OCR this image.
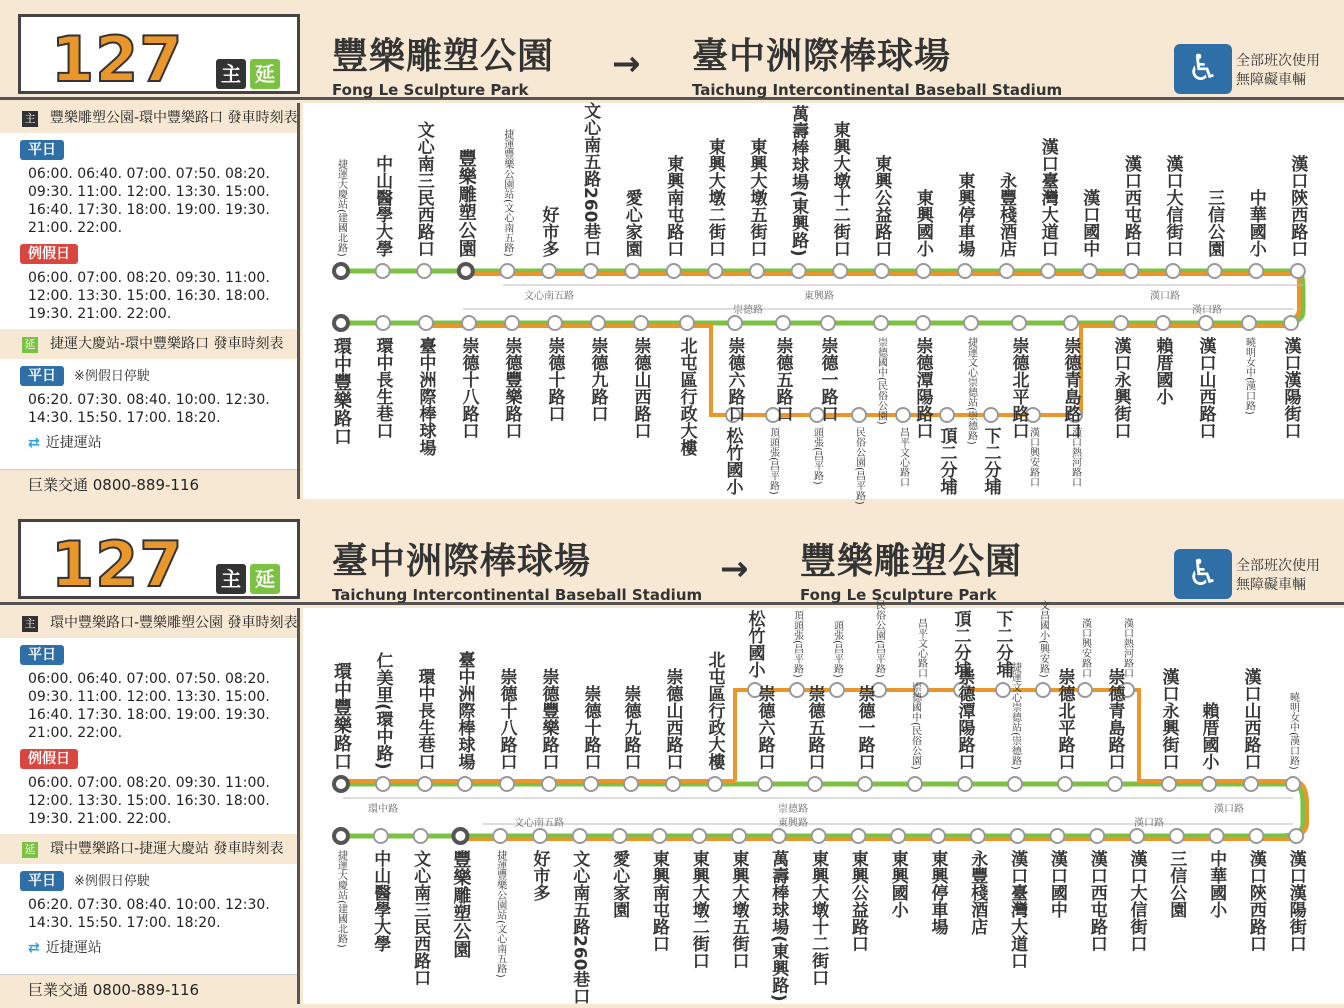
127 主 延 豐樂雕塑公園
Fong Le Sculpture Park
→ 臺中洲際棒球場
Taichung Intercontinental Baseball Stadium
♿	全部班次使用
無障礙車輛
主 豐樂雕塑公園-環中豐樂路口 發車時刻表
平日
06:00. 06:40. 07:00. 07:50. 08:20.
09:30. 11:00. 12:00. 13:30. 15:00.
16:40. 17:30. 18:00. 19:00. 19:30.
21:00. 22:00.
例假日
06:00. 07:00. 08:20. 09:30. 11:00.
12:00. 13:30. 15:00. 16:30. 18:00.
19:30. 21:00. 22:00.
延 捷運大慶站-環中豐樂路口 發車時刻表
平日 ※例假日停駛
06:20. 07:30. 08:40. 10:00. 12:30.
14:30. 15:50. 17:00. 18:20.
⇄ 近捷運站
巨業交通 0800-889-116
捷運大慶站(建國北路) 中山醫學大學 文心南三民西路口 豐樂雕塑公園	捷運豐樂公園站(文心南五路) 好市多 文心南五路260巷口 愛心家園 東興南屯路口 東興大墩二街口 東興大墩五街口 萬壽棒球場(東興路) 東興大墩十二街口 東興公益路口 東興國小 東興停車場 永豐棧酒店 漢口臺灣大道口 漢口國中 漢口西屯路口 漢口大信街口 三信公園 中華國小 漢口陝西路口
環中豐樂路口 環中長生巷口 臺中洲際棒球場 崇德十八路口 崇德豐樂路口 崇德十路口 崇德九路口 崇德山西路口 北屯區行政大樓 崇德六路口 崇德五路口 崇德一路口	崇德國中(民俗公園) 崇德潭陽路口	捷運文心崇德站(崇德路) 崇德北平路口 崇德青島路口 漢口永興街口 賴厝國小 漢口山西路口	曉明女中(漢口路) 漢口漢陽街口
松竹國小	頂頭張(昌平路)	頭張(昌平路)	民俗公園(昌平路)	昌平文心路口 頂二分埔 下二分埔	漢口興安路口	漢口熱河路口
文心南五路	東興路
崇德路
漢口路
漢口路
127 主 延 臺中洲際棒球場
Taichung Intercontinental Baseball Stadium
→ 豐樂雕塑公園
Fong Le Sculpture Park
♿	全部班次使用
無障礙車輛
主 環中豐樂路口-豐樂雕塑公園 發車時刻表
平日
06:00. 06:40. 07:00. 07:50. 08:20.
09:30. 11:00. 12:00. 13:30. 15:00.
16:40. 17:30. 18:00. 19:00. 19:30.
21:00. 22:00.
例假日
06:00. 07:00. 08:20. 09:30. 11:00.
12:00. 13:30. 15:00. 16:30. 18:00.
19:30. 21:00. 22:00.
延 環中豐樂路口-捷運大慶站 發車時刻表
平日 ※例假日停駛
06:20. 07:30. 08:40. 10:00. 12:30.
14:30. 15:50. 17:00. 18:20.
⇄ 近捷運站
巨業交通 0800-889-116
環中豐樂路口 仁美里(環中路) 環中長生巷口 臺中洲際棒球場 崇德十八路口 崇德豐樂路口 崇德十路口 崇德九路口 崇德山西路口 北屯區行政大樓 崇德六路口 崇德五路口 崇德一路口	崇德國中(民俗公園) 崇德潭陽路口	捷運文心崇德站(崇德路) 崇德北平路口 崇德青島路口 漢口永興街口 賴厝國小 漢口山西路口	曉明女中(漢口路)
松竹國小	頂頭張(昌平路)	頭張(昌平路)	民俗公園(昌平路)	昌平文心路口 頂二分埔 下二分埔	文昌國小(興安路)	漢口興安路口	漢口熱河路口
捷運大慶站(建國北路) 中山醫學大學 文心南三民西路口 豐樂雕塑公園 捷運豐樂公園站(文心南五路) 好市多 文心南五路260巷口 愛心家園 東興南屯路口 東興大墩二街口 東興大墩五街口 萬壽棒球場(東興路) 東興大墩十二街口 東興公益路口 東興國小 東興停車場 永豐棧酒店 漢口臺灣大道口 漢口國中 漢口西屯路口 漢口大信街口 三信公園 中華國小 漢口陝西路口 漢口漢陽街口
環中路	崇德路	漢口路
文心南五路	東興路	漢口路
